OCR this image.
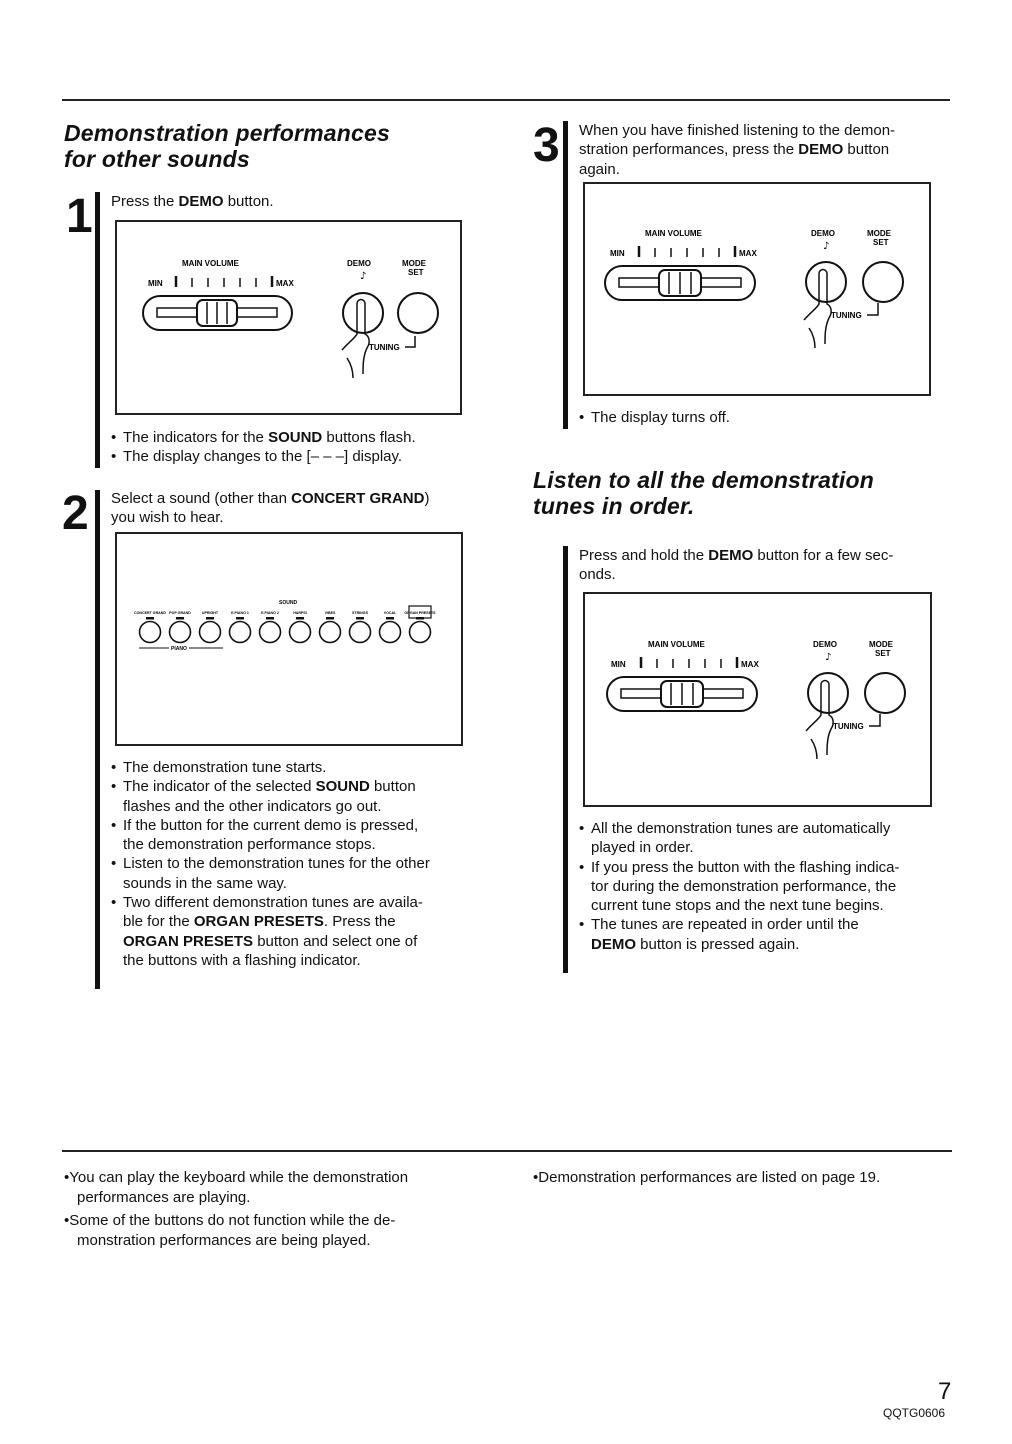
Demonstration performances
for other sounds
1 Press the DEMO button.
MAIN VOLUME
MIN	MAX
DEMO
♪
MODE
SET
TUNING

• The indicators for the SOUND buttons flash.

• The display changes to the [– – –] display.

2 Select a sound (other than CONCERT GRAND)
you wish to hear.
SOUND
CONCERT GRAND POP GRAND	UPRIGHT	E.PIANO 1	E.PIANO 2	HARPSI	VIBES	STRINGS	VOCAL ORGAN PRESETS
PIANO

• The demonstration tune starts.

• The indicator of the selected SOUND button
flashes and the other indicators go out.

• If the button for the current demo is pressed,
the demonstration performance stops.

• Listen to the demonstration tunes for the other
sounds in the same way.

• Two different demonstration tunes are availa-
ble for the ORGAN PRESETS. Press the
ORGAN PRESETS button and select one of
the buttons with a flashing indicator.

3 When you have finished listening to the demon-
stration performances, press the DEMO button
again.
MAIN VOLUME
MIN	MAX
DEMO
♪
MODE
SET
TUNING

• The display turns off.

Listen to all the demonstration
tunes in order.
Press and hold the DEMO button for a few sec-
onds.
MAIN VOLUME
MIN	MAX
DEMO
♪
MODE
SET
TUNING

• All the demonstration tunes are automatically
played in order.

• If you press the button with the flashing indica-
tor during the demonstration performance, the
current tune stops and the next tune begins.

• The tunes are repeated in order until the
DEMO button is pressed again.

•You can play the keyboard while the demonstration
performances are playing.
•Some of the buttons do not function while the de-
monstration performances are being played.
•Demonstration performances are listed on page 19.
7
QQTG0606
